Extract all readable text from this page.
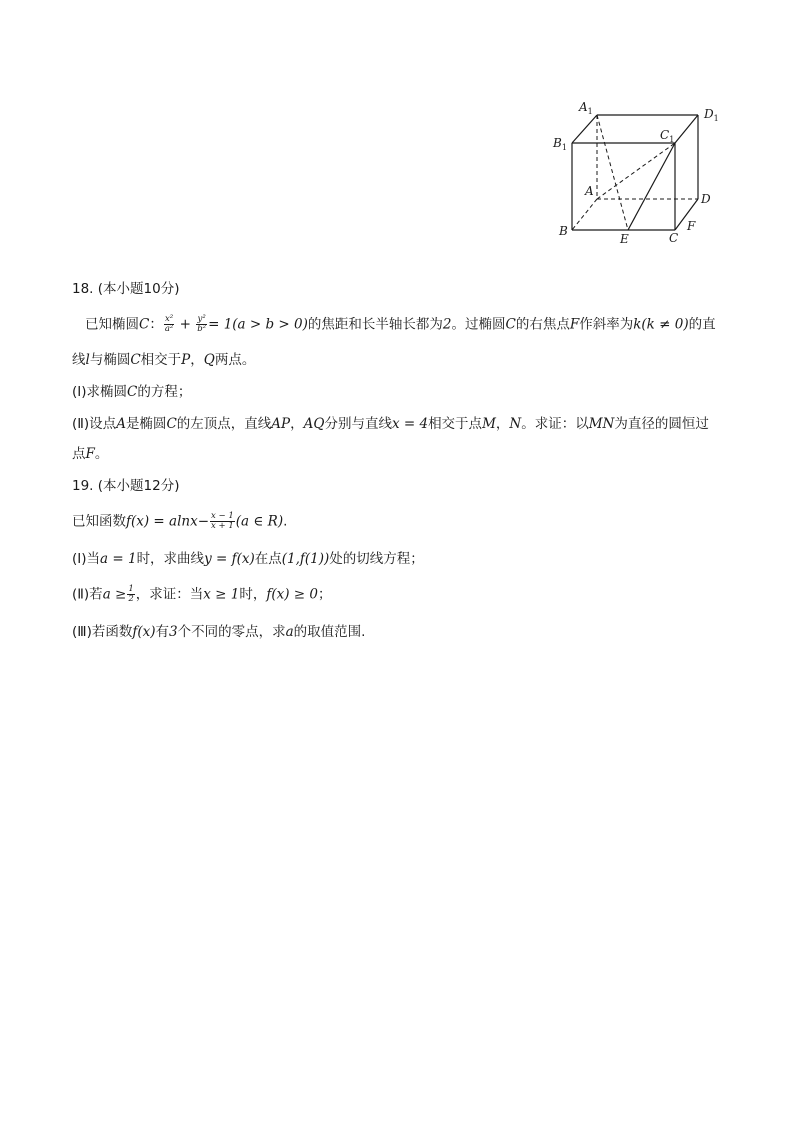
$A_1$	$D_1$
$B_1$
$C_1$
A
D
B
E	C
F
18. (本小题10分)
已知椭圆C： $\frac{\text{x²}}{\text{a²}} + \frac{\text{y²}}{\text{b²}} = 1(a > b > 0)$的焦距和长半轴长都为2。过椭圆C的右焦点F作斜率为k(k ≠ 0)的直
线l与椭圆C相交于P，Q两点。
(Ⅰ)求椭圆C的方程；
(Ⅱ)设点A是椭圆C的左顶点，直线AP，AQ分别与直线x = 4相交于点M，N。求证：以MN为直径的圆恒过
点F。
19. (本小题12分)
已知函数$f(x) = alnx- \frac{x - 1}{x + 1} (a$ ∈ R).
(Ⅰ)当a = 1时，求曲线y = f(x)在点(1,f(1))处的切线方程；
(Ⅱ)若$a \ge \frac{1}{2}$ ，求证：当x ≥ 1时，f(x) ≥ 0；
(Ⅲ)若函数f(x)有3个不同的零点，求a的取值范围.
